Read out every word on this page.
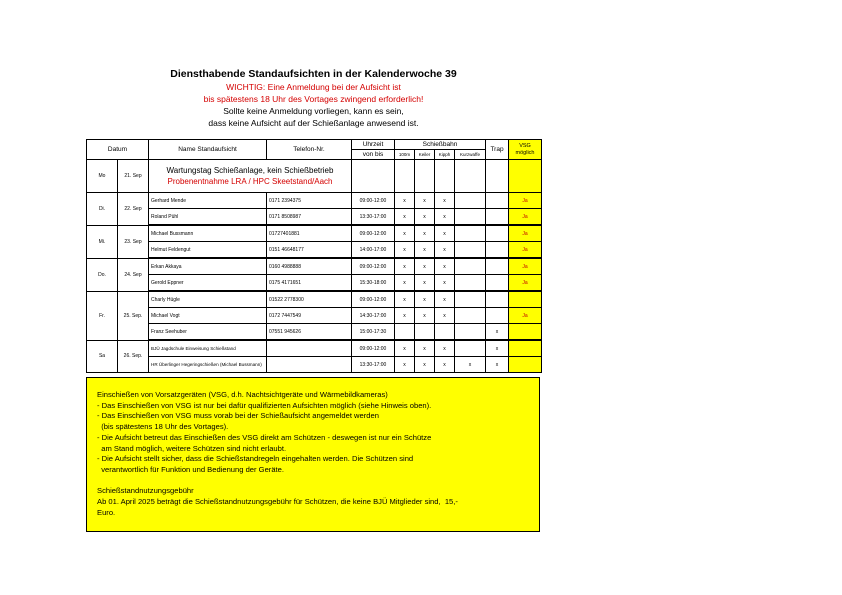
Diensthabende Standaufsichten in der Kalenderwoche 39
WICHTIG: Eine Anmeldung bei der Aufsicht ist
bis spätestens 18 Uhr des Vortages zwingend erforderlich!
Sollte keine Anmeldung vorliegen, kann es sein,
dass keine Aufsicht auf der Schießanlage anwesend ist.
Datum		Name Standaufsicht	Telefon-Nr.	Uhrzeit	Schießbahn				Trap	VSG möglich
				von bis	100m	Keiler	Kipph	Kurzwaffe		
Mo	21. Sep	Wartungstag Schießanlage, kein Schießbetrieb
Probenentnahme LRA / HPC Skeetstand/Aach								

Di.	22. Sep	Gerhard Mende	0171 2394375	09:00-12:00	x	x	x			Ja
		Roland Pühl	0171 8508987	13:30-17:00	x	x	x			Ja
Mi.	23. Sep	Michael Bussmann	01727401881	09:00-12:00	x	x	x			Ja
		Helmut Feldengut	0151 46648177	14:00-17:00	x	x	x			Ja
Do.	24. Sep	Erkan Akkaya	0160 4988888	09:00-12:00	x	x	x			Ja
		Gerold Eppner	0175 4171651	15:30-18:00	x	x	x			Ja
Fr.	25. Sep.	Charly Hügle	01522 2778300	09:00-12:00	x	x	x			
		Michael Vogt	0172 7447549	14:30-17:00	x	x	x			Ja
		Franz Seehuber	07551 945626	15:00-17:30					x	
Sa	26. Sep.	BJÜ Jagdschule Einweisung Schießstand		09:00-12:00	x	x	x		x	
		HR Überlinger Hegeringschießen (Michael Bussmann)		13:30-17:00	x	x	x	x	x	
Einschießen von Vorsatzgeräten (VSG, d.h. Nachtsichtgeräte und Wärmebildkameras)
- Das Einschießen von VSG ist nur bei dafür qualifizierten Aufsichten möglich (siehe Hinweis oben).
- Das Einschießen von VSG muss vorab bei der Schießaufsicht angemeldet werden
(bis spätestens 18 Uhr des Vortages).
- Die Aufsicht betreut das Einschießen des VSG direkt am Schützen - deswegen ist nur ein Schütze
am Stand möglich, weitere Schützen sind nicht erlaubt.
- Die Aufsicht stellt sicher, dass die Schießstandregeln eingehalten werden. Die Schützen sind
verantwortlich für Funktion und Bedienung der Geräte.
Schießstandnutzungsgebühr
Ab 01. April 2025 beträgt die Schießstandnutzungsgebühr für Schützen, die keine BJÜ Mitglieder sind,  15,-
Euro.
